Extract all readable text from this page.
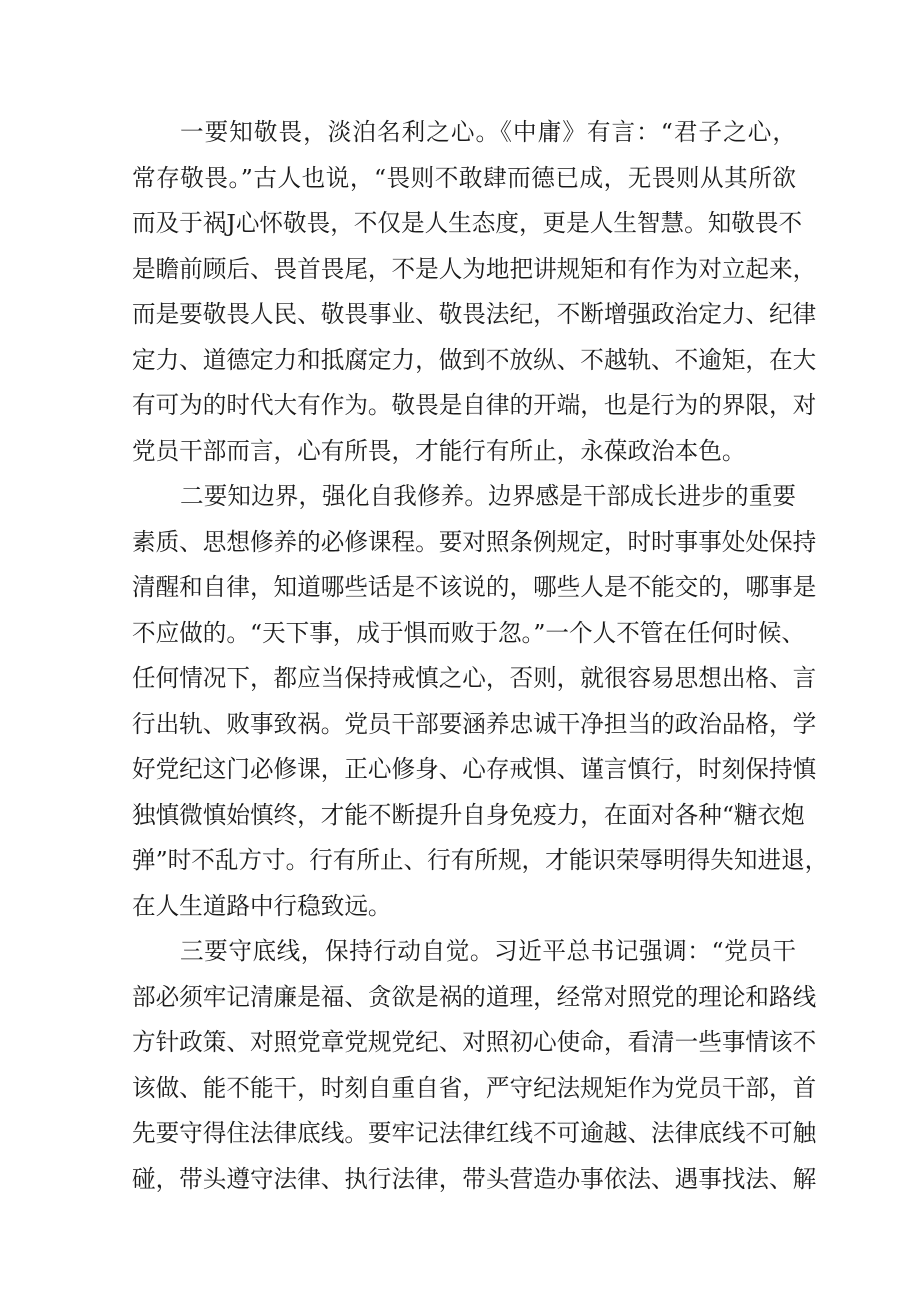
一要知敬畏，淡泊名利之心。《中庸》有言：“君子之心，
常存敬畏。”古人也说，“畏则不敢肆而德已成，无畏则从其所欲
而及于祸J心怀敬畏，不仅是人生态度，更是人生智慧。知敬畏不
是瞻前顾后、畏首畏尾，不是人为地把讲规矩和有作为对立起来，
而是要敬畏人民、敬畏事业、敬畏法纪，不断增强政治定力、纪律
定力、道德定力和抵腐定力，做到不放纵、不越轨、不逾矩，在大
有可为的时代大有作为。敬畏是自律的开端，也是行为的界限，对
党员干部而言，心有所畏，才能行有所止，永葆政治本色。
二要知边界，强化自我修养。边界感是干部成长进步的重要
素质、思想修养的必修课程。要对照条例规定，时时事事处处保持
清醒和自律，知道哪些话是不该说的，哪些人是不能交的，哪事是
不应做的。“天下事，成于惧而败于忽。”一个人不管在任何时候、
任何情况下，都应当保持戒慎之心，否则，就很容易思想出格、言
行出轨、败事致祸。党员干部要涵养忠诚干净担当的政治品格，学
好党纪这门必修课，正心修身、心存戒惧、谨言慎行，时刻保持慎
独慎微慎始慎终，才能不断提升自身免疫力，在面对各种“糖衣炮
弹”时不乱方寸。行有所止、行有所规，才能识荣辱明得失知进退，
在人生道路中行稳致远。
三要守底线，保持行动自觉。习近平总书记强调：“党员干
部必须牢记清廉是福、贪欲是祸的道理，经常对照党的理论和路线
方针政策、对照党章党规党纪、对照初心使命，看清一些事情该不
该做、能不能干，时刻自重自省，严守纪法规矩作为党员干部，首
先要守得住法律底线。要牢记法律红线不可逾越、法律底线不可触
碰，带头遵守法律、执行法律，带头营造办事依法、遇事找法、解
